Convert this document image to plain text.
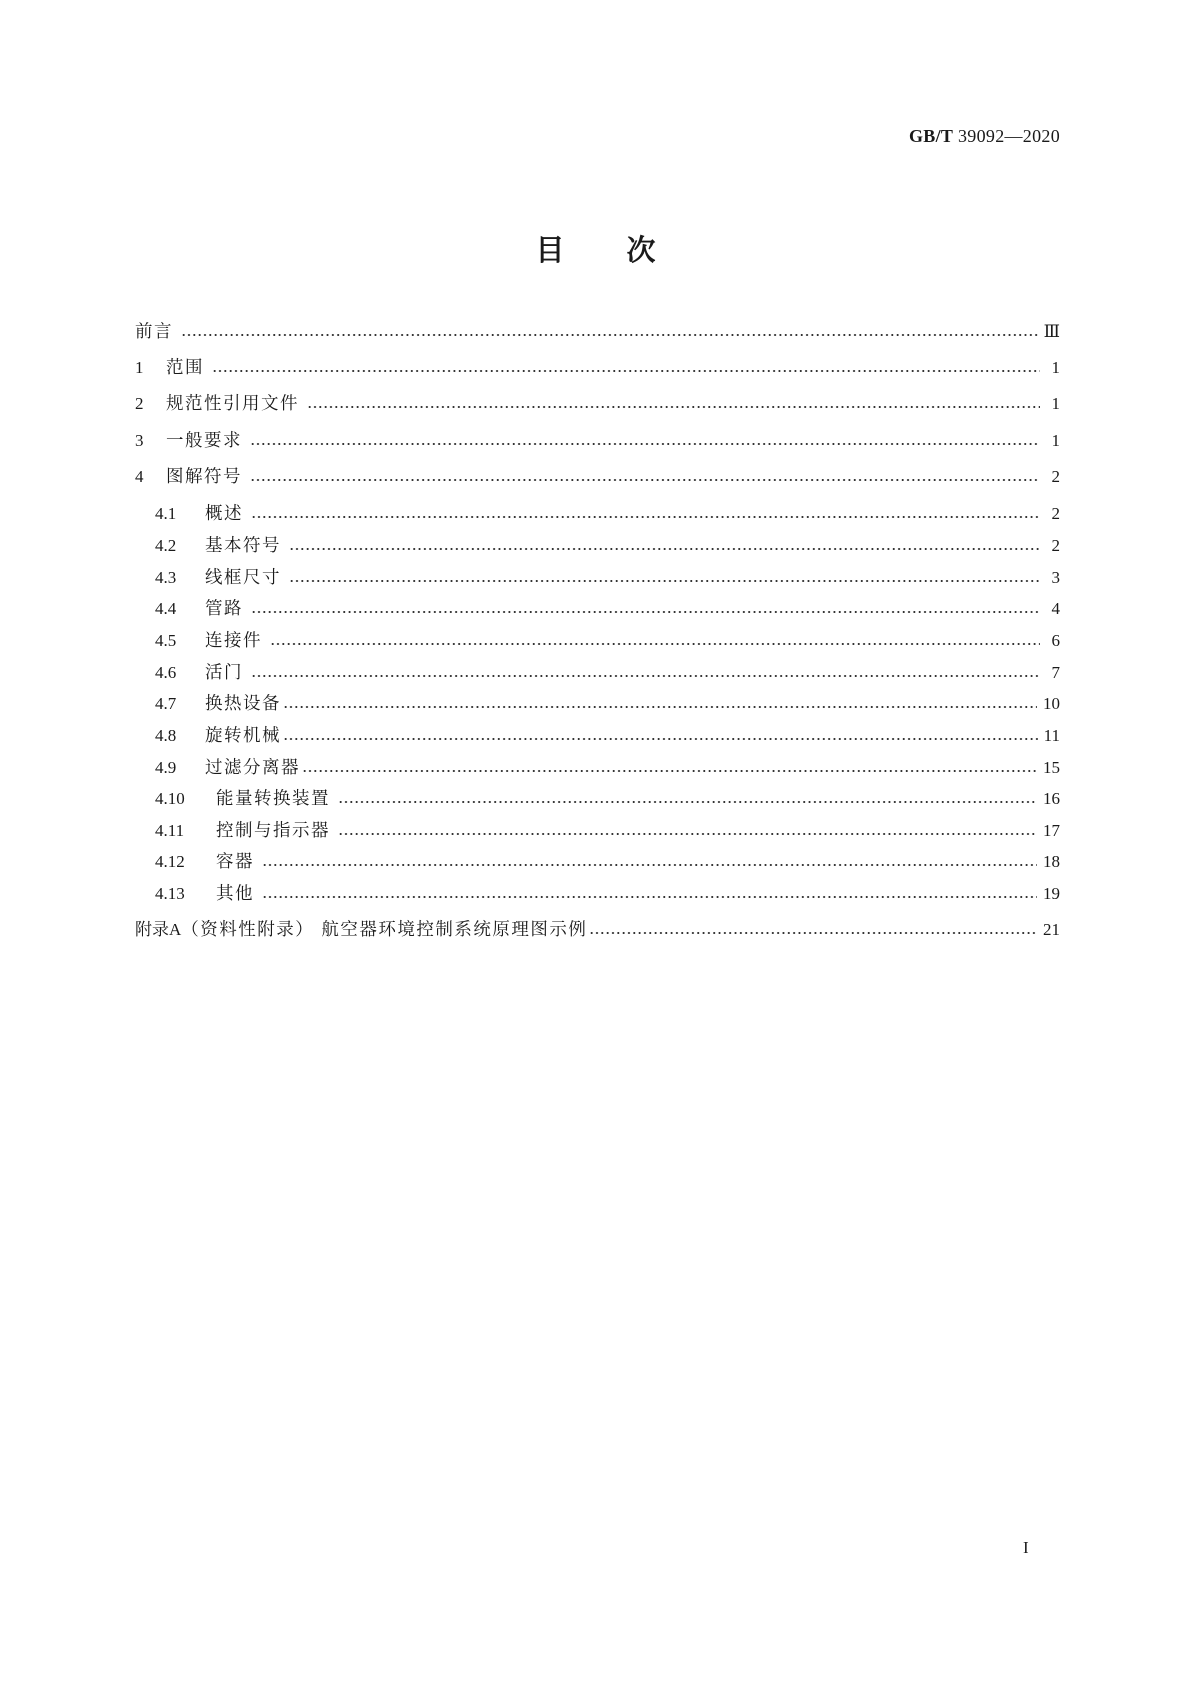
GB/T 39092—2020
目次
前言	Ⅲ
1	范围	1
2	规范性引用文件	1
3	一般要求	1
4	图解符号	2
4.1	概述	2
4.2	基本符号	2
4.3	线框尺寸	3
4.4	管路	4
4.5	连接件	6
4.6	活门	7
4.7	换热设备	10
4.8	旋转机械	11
4.9	过滤分离器	15
4.10	能量转换装置	16
4.11	控制与指示器	17
4.12	容器	18
4.13	其他	19
附录A （资料性附录） 航空器环境控制系统原理图示例	21
I
